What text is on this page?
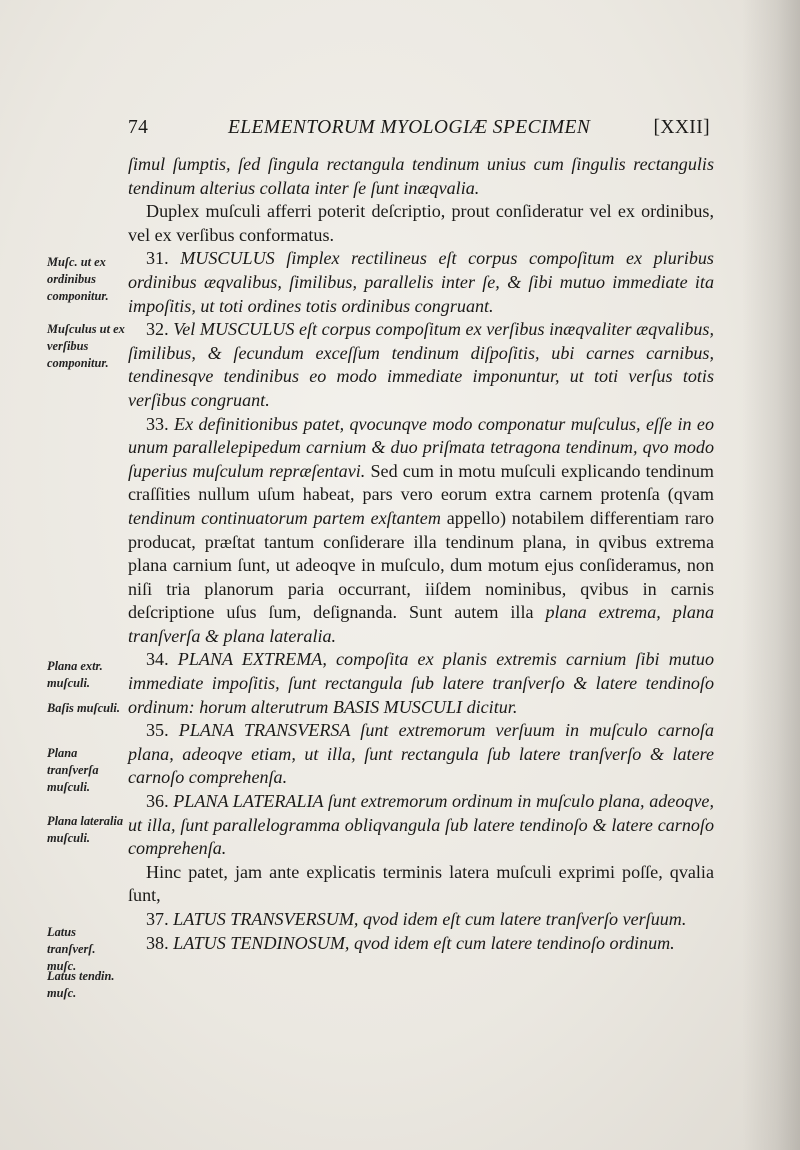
74	ELEMENTORUM MYOLOGIÆ SPECIMEN	[XXII]

ſimul ſumptis, ſed ſingula rectangula tendinum unius cum ſingulis rectangulis tendinum alterius collata inter ſe ſunt inæqvalia.

Duplex muſculi afferri poterit deſcriptio, prout conſideratur vel ex ordinibus, vel ex verſibus conformatus.

31. MUSCULUS ſimplex rectilineus eſt corpus compoſitum ex pluribus ordinibus æqvalibus, ſimilibus, parallelis inter ſe, & ſibi mutuo immediate ita impoſitis, ut toti ordines totis ordinibus congruant.

32. Vel MUSCULUS eſt corpus compoſitum ex verſibus inæqvaliter æqvalibus, ſimilibus, & ſecundum exceſſum tendinum diſpoſitis, ubi carnes carnibus, tendinesqve tendinibus eo modo immediate imponuntur, ut toti verſus totis verſibus congruant.

33. Ex definitionibus patet, qvocunqve modo componatur muſculus, eſſe in eo unum parallelepipedum carnium & duo priſmata tetragona tendinum, qvo modo ſuperius muſculum repræſentavi. Sed cum in motu muſculi explicando tendinum craſſities nullum uſum habeat, pars vero eorum extra carnem protenſa (qvam tendinum continuatorum partem exſtantem appello) notabilem differentiam raro producat, præſtat tantum conſiderare illa tendinum plana, in qvibus extrema plana carnium ſunt, ut adeoqve in muſculo, dum motum ejus conſideramus, non niſi tria planorum paria occurrant, iiſdem nominibus, qvibus in carnis deſcriptione uſus ſum, deſignanda. Sunt autem illa plana extrema, plana tranſverſa & plana lateralia.

34. PLANA EXTREMA, compoſita ex planis extremis carnium ſibi mutuo immediate impoſitis, ſunt rectangula ſub latere tranſverſo & latere tendinoſo ordinum: horum alterutrum BASIS MUSCULI dicitur.

35. PLANA TRANSVERSA ſunt extremorum verſuum in muſculo carnoſa plana, adeoqve etiam, ut illa, ſunt rectangula ſub latere tranſverſo & latere carnoſo comprehenſa.

36. PLANA LATERALIA ſunt extremorum ordinum in muſculo plana, adeoqve, ut illa, ſunt parallelogramma obliqvangula ſub latere tendinoſo & latere carnoſo comprehenſa.

Hinc patet, jam ante explicatis terminis latera muſculi exprimi poſſe, qvalia ſunt,

37. LATUS TRANSVERSUM, qvod idem eſt cum latere tranſverſo verſuum.

38. LATUS TENDINOSUM, qvod idem eſt cum latere tendinoſo ordinum.

Muſc. ut ex ordinibus componitur.
Muſculus ut ex verſibus componitur.
Plana extr. muſculi.
Baſis muſculi.
Plana tranſverſa muſculi.
Plana lateralia muſculi.
Latus tranſverſ. muſc.
Latus tendin. muſc.
